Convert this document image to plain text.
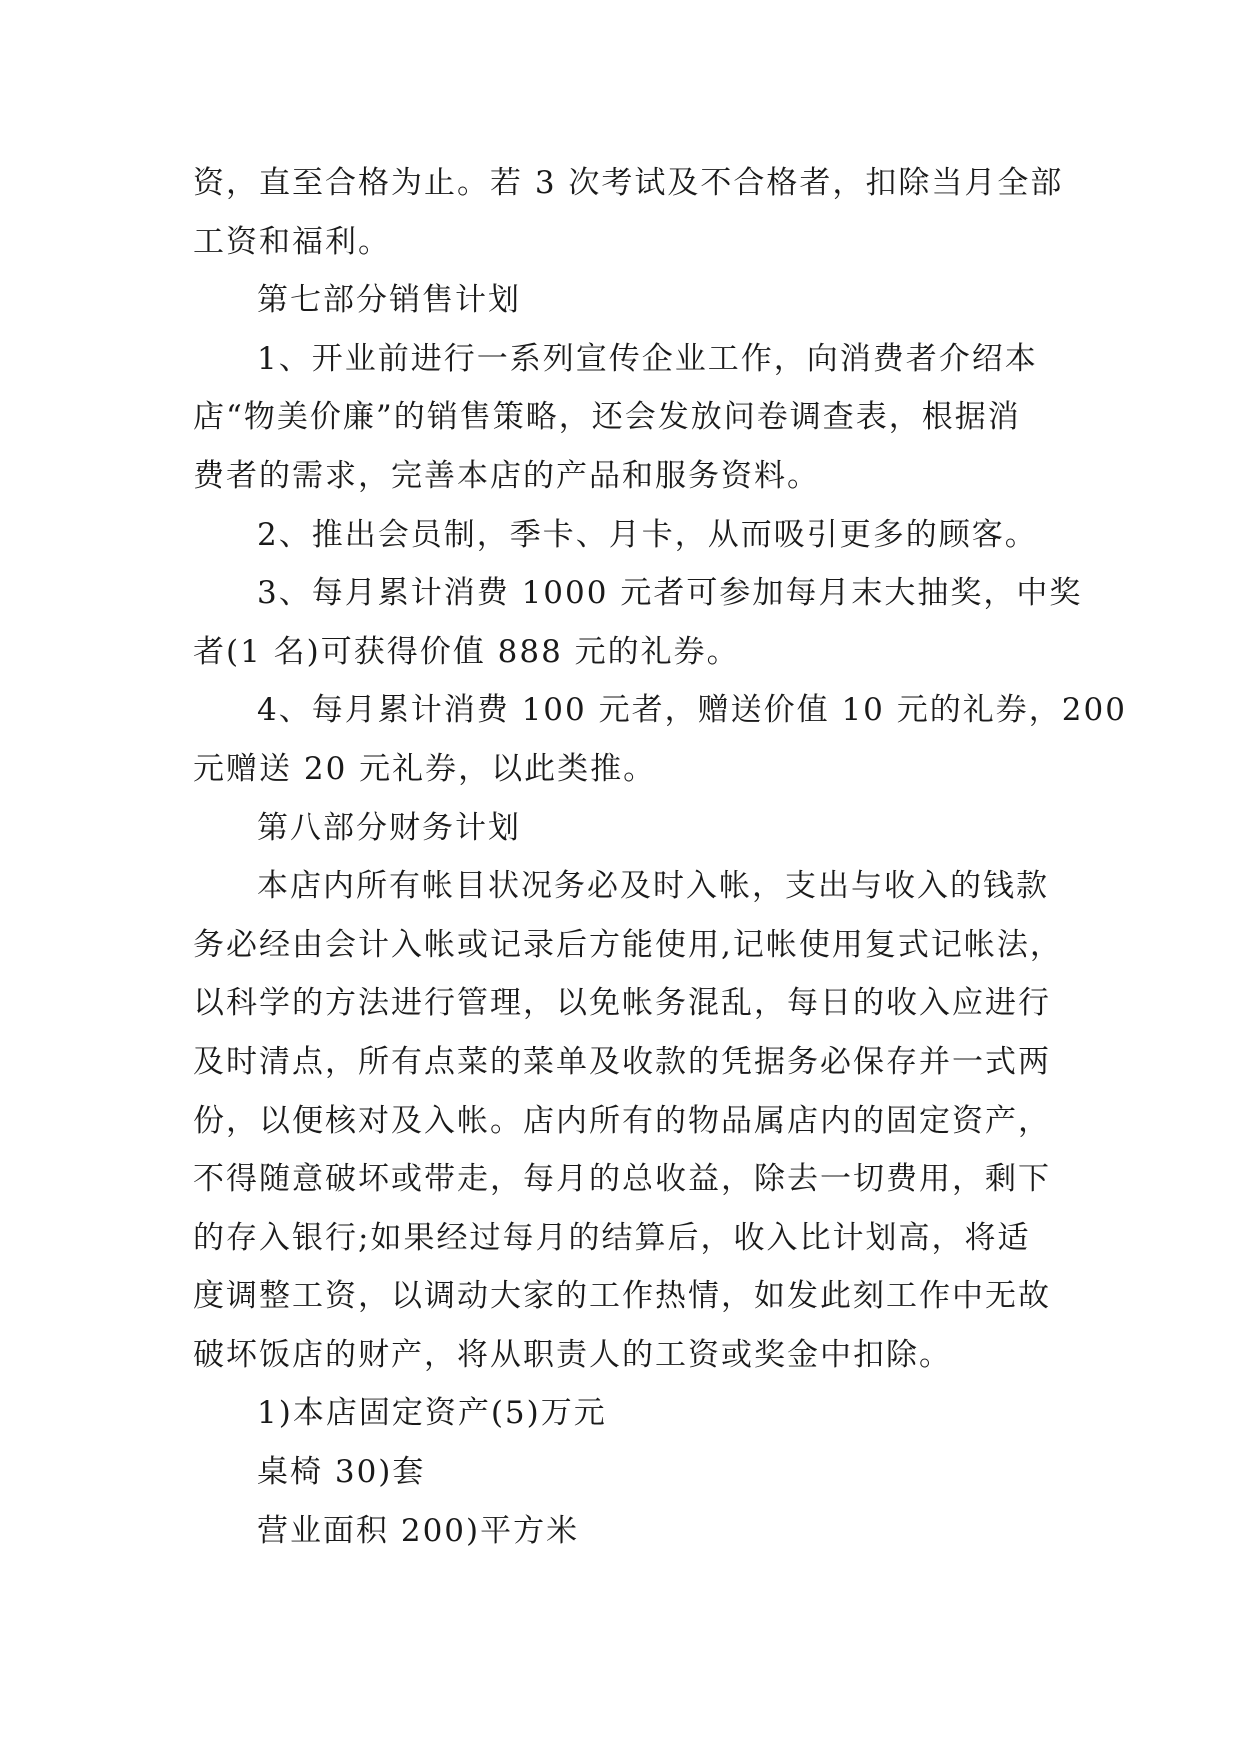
资，直至合格为止。若 3 次考试及不合格者，扣除当月全部
工资和福利。
第七部分销售计划
1、开业前进行一系列宣传企业工作，向消费者介绍本
店“物美价廉”的销售策略，还会发放问卷调查表，根据消
费者的需求，完善本店的产品和服务资料。
2、推出会员制，季卡、月卡，从而吸引更多的顾客。
3、每月累计消费 1000 元者可参加每月末大抽奖，中奖
者(1 名)可获得价值 888 元的礼券。
4、每月累计消费 100 元者，赠送价值 10 元的礼券，200
元赠送 20 元礼券，以此类推。
第八部分财务计划
本店内所有帐目状况务必及时入帐，支出与收入的钱款
务必经由会计入帐或记录后方能使用,记帐使用复式记帐法，
以科学的方法进行管理，以免帐务混乱，每日的收入应进行
及时清点，所有点菜的菜单及收款的凭据务必保存并一式两
份，以便核对及入帐。店内所有的物品属店内的固定资产，
不得随意破坏或带走，每月的总收益，除去一切费用，剩下
的存入银行;如果经过每月的结算后，收入比计划高，将适
度调整工资，以调动大家的工作热情，如发此刻工作中无故
破坏饭店的财产，将从职责人的工资或奖金中扣除。
1)本店固定资产(5)万元
桌椅 30)套
营业面积 200)平方米
